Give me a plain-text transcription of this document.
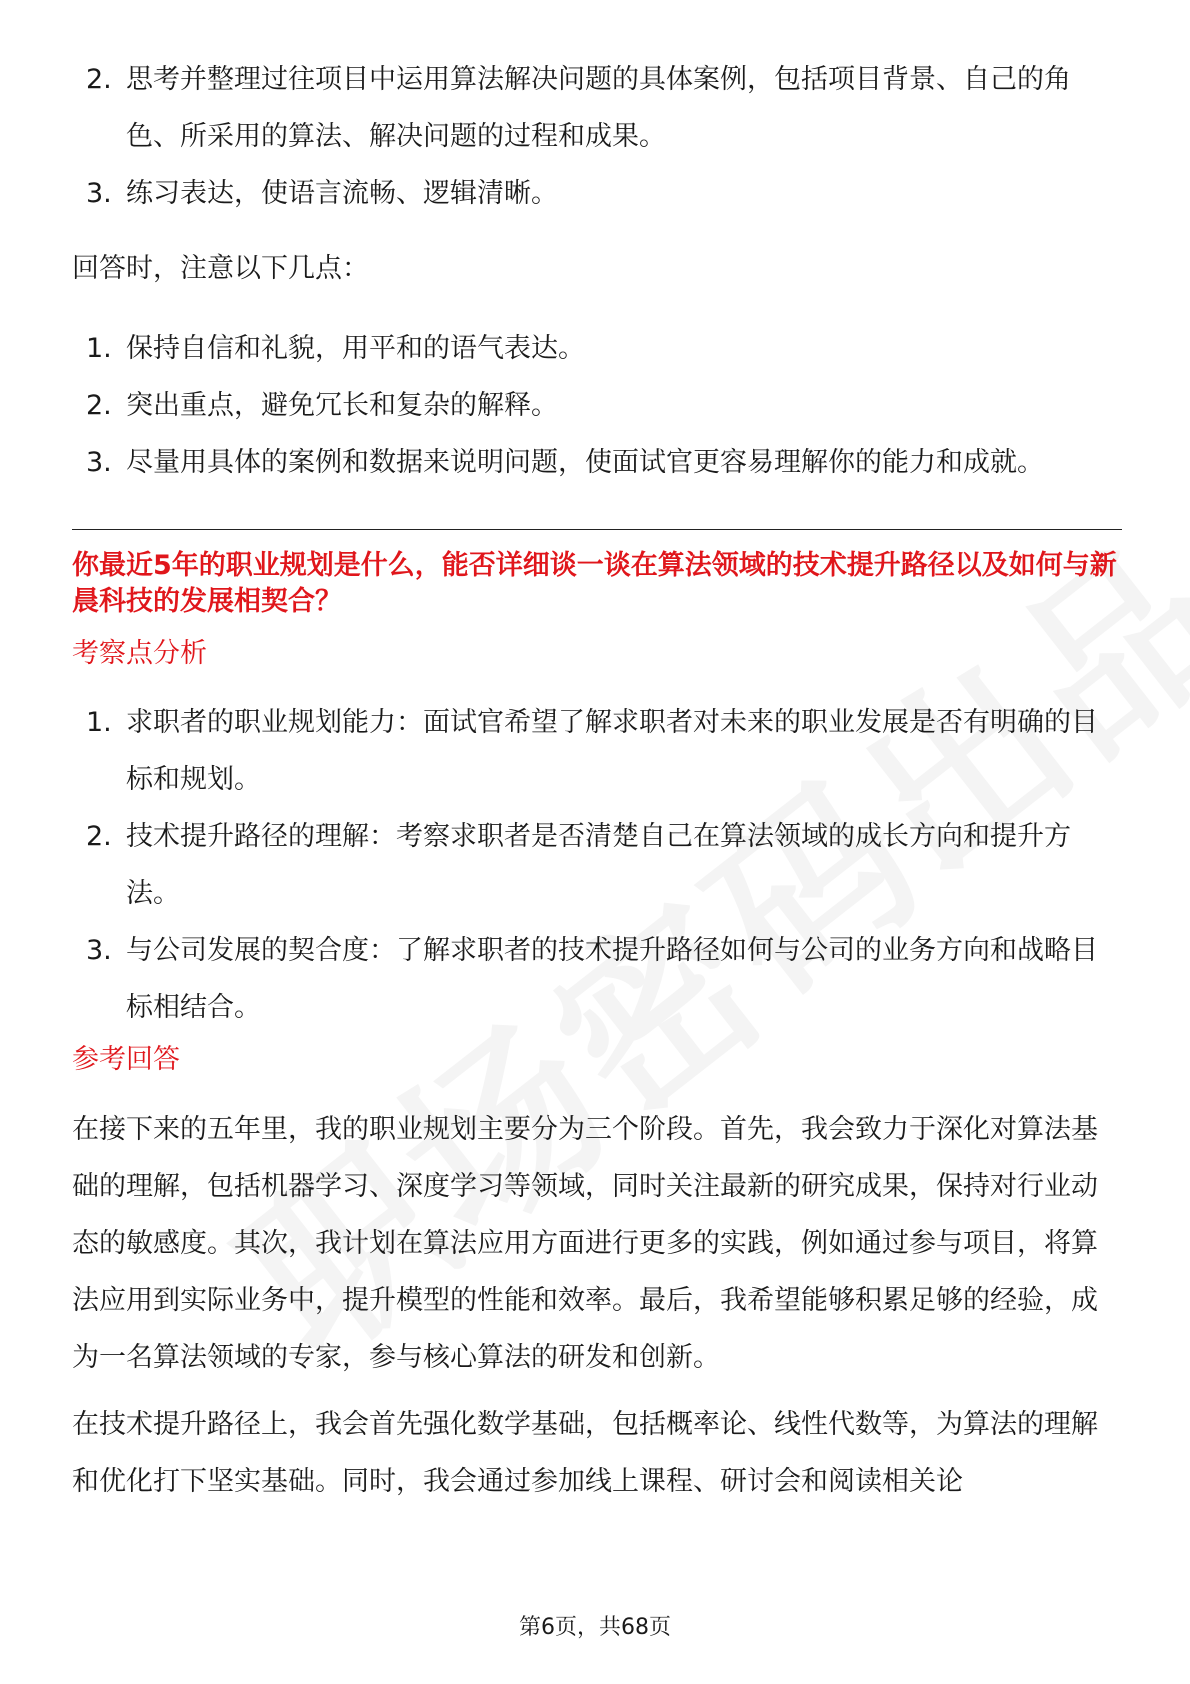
2. 思考并整理过往项目中运用算法解决问题的具体案例，包括项目背景、自己的角色、所采用的算法、解决问题的过程和成果。
3. 练习表达，使语言流畅、逻辑清晰。

回答时，注意以下几点：

1. 保持自信和礼貌，用平和的语气表达。
2. 突出重点，避免冗长和复杂的解释。
3. 尽量用具体的案例和数据来说明问题，使面试官更容易理解你的能力和成就。

你最近5年的职业规划是什么，能否详细谈一谈在算法领域的技术提升路径以及如何与新晨科技的发展相契合？

考察点分析

1. 求职者的职业规划能力：面试官希望了解求职者对未来的职业发展是否有明确的目标和规划。
2. 技术提升路径的理解：考察求职者是否清楚自己在算法领域的成长方向和提升方法。
3. 与公司发展的契合度：了解求职者的技术提升路径如何与公司的业务方向和战略目标相结合。

参考回答

在接下来的五年里，我的职业规划主要分为三个阶段。首先，我会致力于深化对算法基础的理解，包括机器学习、深度学习等领域，同时关注最新的研究成果，保持对行业动态的敏感度。其次，我计划在算法应用方面进行更多的实践，例如通过参与项目，将算法应用到实际业务中，提升模型的性能和效率。最后，我希望能够积累足够的经验，成为一名算法领域的专家，参与核心算法的研发和创新。

在技术提升路径上，我会首先强化数学基础，包括概率论、线性代数等，为算法的理解和优化打下坚实基础。同时，我会通过参加线上课程、研讨会和阅读相关论

第6页，共68页
